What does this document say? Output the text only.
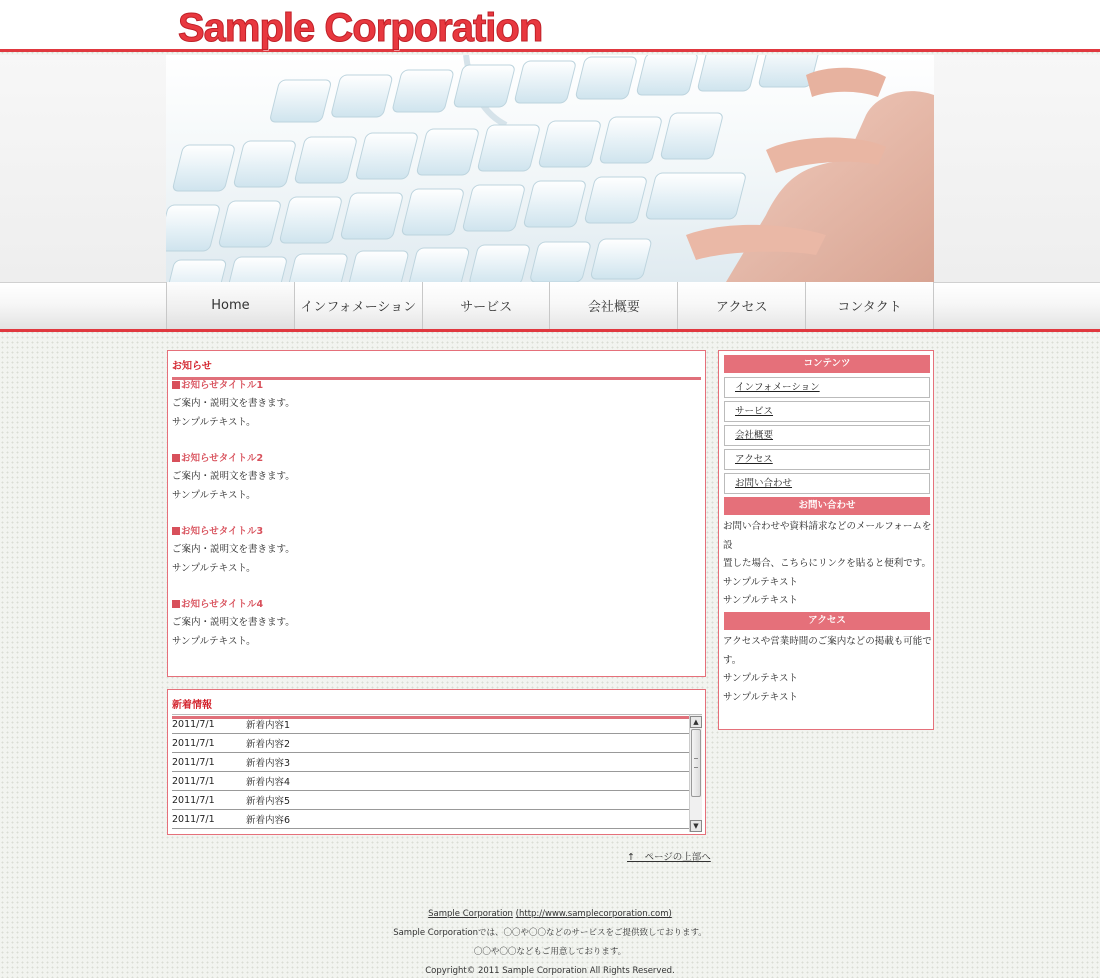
Sample Corporation
Home	インフォメーション	サービス	会社概要	アクセス	コンタクト
お知らせ
お知らせタイトル1
ご案内・説明文を書きます。
サンプルテキスト。
お知らせタイトル2
ご案内・説明文を書きます。
サンプルテキスト。
お知らせタイトル3
ご案内・説明文を書きます。
サンプルテキスト。
お知らせタイトル4
ご案内・説明文を書きます。
サンプルテキスト。
新着情報
2011/7/1	新着内容1
2011/7/1	新着内容2
2011/7/1	新着内容3
2011/7/1	新着内容4
2011/7/1	新着内容5
2011/7/1	新着内容6
▲
▼
↑　ページの上部へ
コンテンツ
インフォメーション
サービス
会社概要
アクセス
お問い合わせ
お問い合わせ
お問い合わせや資料請求などのメールフォームを設
置した場合、こちらにリンクを貼ると便利です。
サンプルテキスト
サンプルテキスト
アクセス
アクセスや営業時間のご案内などの掲載も可能で
す。
サンプルテキスト
サンプルテキスト

Sample Corporation (http://www.samplecorporation.com)

Sample Corporationでは、〇〇や〇〇などのサービスをご提供致しております。

〇〇や〇〇などもご用意しております。

Copyright© 2011 Sample Corporation All Rights Reserved.
